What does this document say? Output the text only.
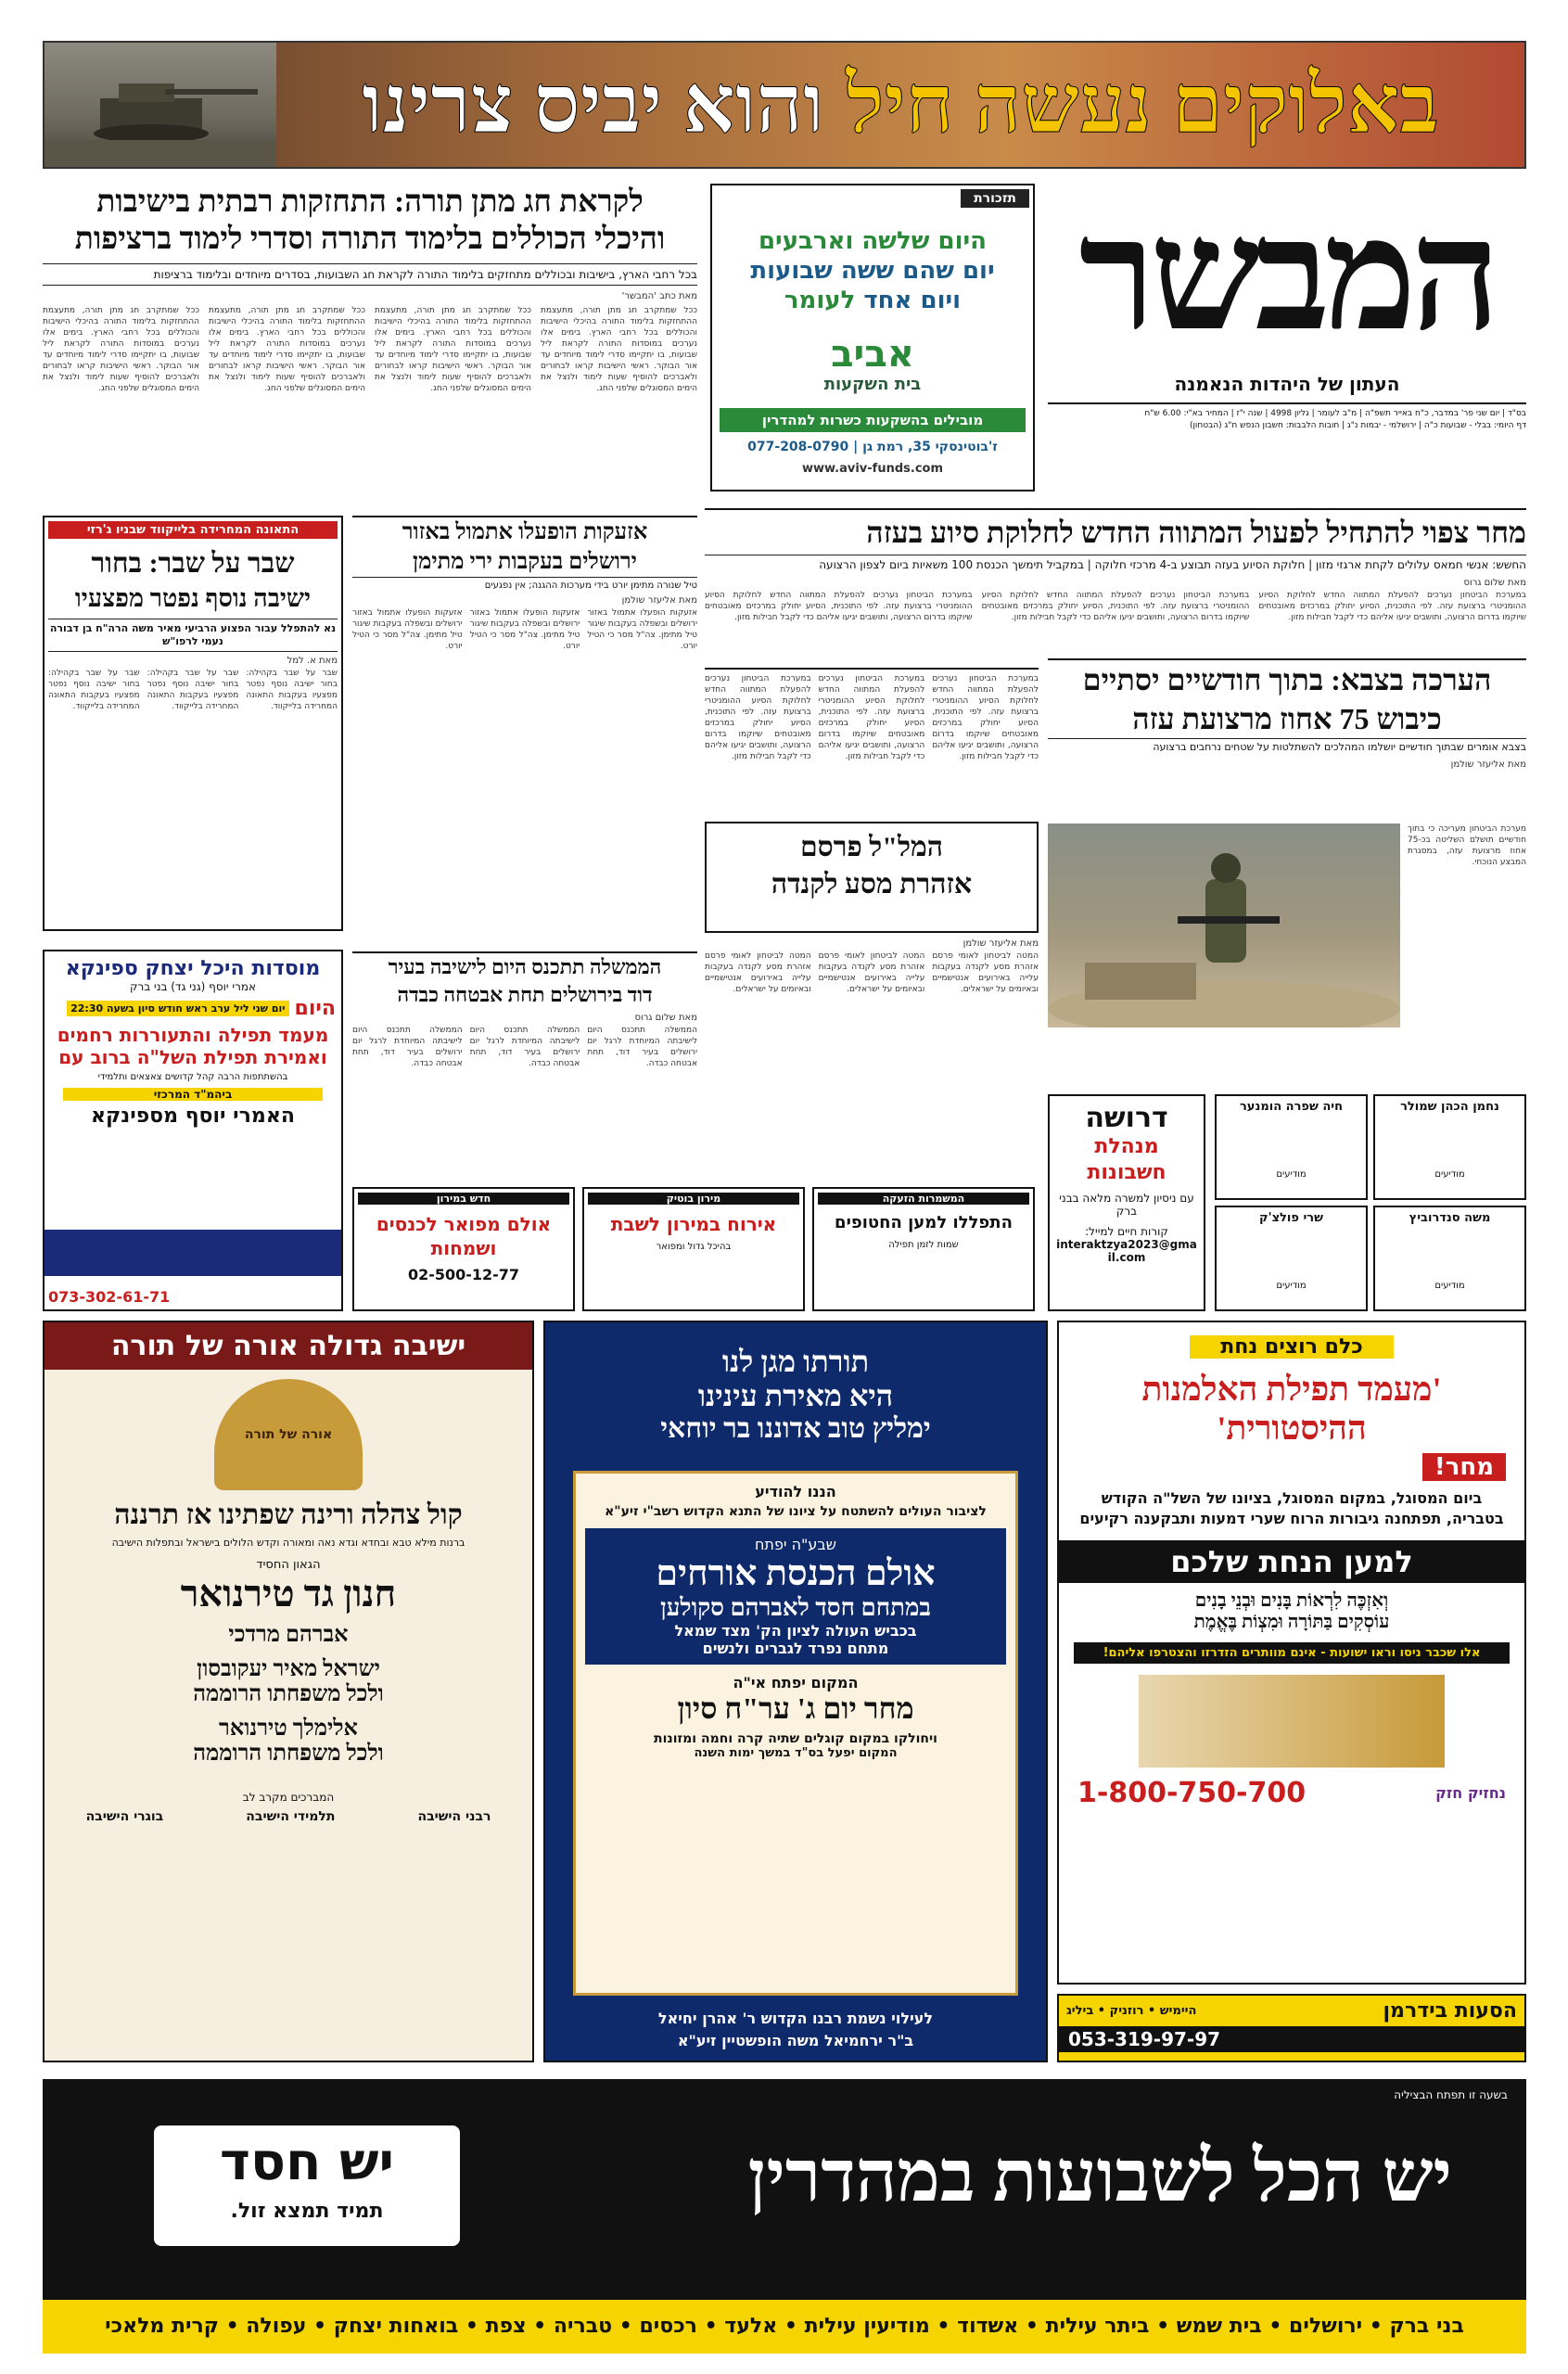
באלוקים נעשה חיל
והוא יביס צרינו
המבשר
העתון של היהדות הנאמנה
בס"ד | יום שני פר' במדבר, כ"ח באייר תשפ"ה | מ"ב לעומר | גליון 4998 | שנה י"ז | המחיר בא"י: 6.00 ש"ח
דף היומי: בבלי - שבועות כ"ה | ירושלמי - יבמות נ"ג | חובות הלבבות: חשבון הנפש ח"ג (הבטחון)
תזכורת
היום שלשה וארבעים
יום שהם ששה שבועות
ויום אחד לעומר
אביב
בית השקעות
מובילים בהשקעות כשרות למהדרין
ז'בוטינסקי 35, רמת גן | 077-208-0790
www.aviv-funds.com
לקראת חג מתן תורה: התחזקות רבתית בישיבות
והיכלי הכוללים בלימוד התורה וסדרי לימוד ברציפות
בכל רחבי הארץ, בישיבות ובכוללים מתחזקים בלימוד התורה לקראת חג השבועות, בסדרים מיוחדים ובלימוד ברציפות
מאת כתב 'המבשר'
ככל שמתקרב חג מתן תורה, מתעצמת ההתחזקות בלימוד התורה בהיכלי הישיבות והכוללים בכל רחבי הארץ. בימים אלו נערכים במוסדות התורה לקראת ליל שבועות, בו יתקיימו סדרי לימוד מיוחדים עד אור הבוקר. ראשי הישיבות קראו לבחורים ולאברכים להוסיף שעות לימוד ולנצל את הימים המסוגלים שלפני החג.
ככל שמתקרב חג מתן תורה, מתעצמת ההתחזקות בלימוד התורה בהיכלי הישיבות והכוללים בכל רחבי הארץ. בימים אלו נערכים במוסדות התורה לקראת ליל שבועות, בו יתקיימו סדרי לימוד מיוחדים עד אור הבוקר. ראשי הישיבות קראו לבחורים ולאברכים להוסיף שעות לימוד ולנצל את הימים המסוגלים שלפני החג.
ככל שמתקרב חג מתן תורה, מתעצמת ההתחזקות בלימוד התורה בהיכלי הישיבות והכוללים בכל רחבי הארץ. בימים אלו נערכים במוסדות התורה לקראת ליל שבועות, בו יתקיימו סדרי לימוד מיוחדים עד אור הבוקר. ראשי הישיבות קראו לבחורים ולאברכים להוסיף שעות לימוד ולנצל את הימים המסוגלים שלפני החג.
ככל שמתקרב חג מתן תורה, מתעצמת ההתחזקות בלימוד התורה בהיכלי הישיבות והכוללים בכל רחבי הארץ. בימים אלו נערכים במוסדות התורה לקראת ליל שבועות, בו יתקיימו סדרי לימוד מיוחדים עד אור הבוקר. ראשי הישיבות קראו לבחורים ולאברכים להוסיף שעות לימוד ולנצל את הימים המסוגלים שלפני החג.
מחר צפוי להתחיל לפעול המתווה החדש לחלוקת סיוע בעזה
החשש: אנשי חמאס עלולים לקחת ארגזי מזון | חלוקת הסיוע בעזה תבוצע ב-4 מרכזי חלוקה | במקביל תימשך הכנסת 100 משאיות ביום לצפון הרצועה
מאת שלום גרוס
במערכת הביטחון נערכים להפעלת המתווה החדש לחלוקת הסיוע ההומניטרי ברצועת עזה. לפי התוכנית, הסיוע יחולק במרכזים מאובטחים שיוקמו בדרום הרצועה, ותושבים יגיעו אליהם כדי לקבל חבילות מזון.
במערכת הביטחון נערכים להפעלת המתווה החדש לחלוקת הסיוע ההומניטרי ברצועת עזה. לפי התוכנית, הסיוע יחולק במרכזים מאובטחים שיוקמו בדרום הרצועה, ותושבים יגיעו אליהם כדי לקבל חבילות מזון.
במערכת הביטחון נערכים להפעלת המתווה החדש לחלוקת הסיוע ההומניטרי ברצועת עזה. לפי התוכנית, הסיוע יחולק במרכזים מאובטחים שיוקמו בדרום הרצועה, ותושבים יגיעו אליהם כדי לקבל חבילות מזון.
הערכה בצבא: בתוך חודשיים יסתיים
כיבוש 75 אחוז מרצועת עזה
בצבא אומרים שבתוך חודשיים יושלמו המהלכים להשתלטות על שטחים נרחבים ברצועה
מאת אליעזר שולמן
מערכת הביטחון מעריכה כי בתוך חודשיים תושלם השליטה בכ-75 אחוז מרצועת עזה, במסגרת המבצע הנוכחי.
אזעקות הופעלו אתמול באזור
ירושלים בעקבות ירי מתימן
טיל שנורה מתימן יורט בידי מערכות ההגנה; אין נפגעים
מאת אליעזר שולמן
אזעקות הופעלו אתמול באזור ירושלים ובשפלה בעקבות שיגור טיל מתימן. צה"ל מסר כי הטיל יורט.
אזעקות הופעלו אתמול באזור ירושלים ובשפלה בעקבות שיגור טיל מתימן. צה"ל מסר כי הטיל יורט.
אזעקות הופעלו אתמול באזור ירושלים ובשפלה בעקבות שיגור טיל מתימן. צה"ל מסר כי הטיל יורט.
הממשלה תתכנס היום לישיבה בעיר
דוד בירושלים תחת אבטחה כבדה
מאת שלום גרוס
הממשלה תתכנס היום לישיבתה המיוחדת לרגל יום ירושלים בעיר דוד, תחת אבטחה כבדה.
הממשלה תתכנס היום לישיבתה המיוחדת לרגל יום ירושלים בעיר דוד, תחת אבטחה כבדה.
הממשלה תתכנס היום לישיבתה המיוחדת לרגל יום ירושלים בעיר דוד, תחת אבטחה כבדה.
במערכת הביטחון נערכים להפעלת המתווה החדש לחלוקת הסיוע ההומניטרי ברצועת עזה. לפי התוכנית, הסיוע יחולק במרכזים מאובטחים שיוקמו בדרום הרצועה, ותושבים יגיעו אליהם כדי לקבל חבילות מזון.
במערכת הביטחון נערכים להפעלת המתווה החדש לחלוקת הסיוע ההומניטרי ברצועת עזה. לפי התוכנית, הסיוע יחולק במרכזים מאובטחים שיוקמו בדרום הרצועה, ותושבים יגיעו אליהם כדי לקבל חבילות מזון.
במערכת הביטחון נערכים להפעלת המתווה החדש לחלוקת הסיוע ההומניטרי ברצועת עזה. לפי התוכנית, הסיוע יחולק במרכזים מאובטחים שיוקמו בדרום הרצועה, ותושבים יגיעו אליהם כדי לקבל חבילות מזון.
המל"ל פרסם
אזהרת מסע לקנדה
מאת אליעזר שולמן
המטה לביטחון לאומי פרסם אזהרת מסע לקנדה בעקבות עלייה באירועים אנטישמיים ובאיומים על ישראלים.
המטה לביטחון לאומי פרסם אזהרת מסע לקנדה בעקבות עלייה באירועים אנטישמיים ובאיומים על ישראלים.
המטה לביטחון לאומי פרסם אזהרת מסע לקנדה בעקבות עלייה באירועים אנטישמיים ובאיומים על ישראלים.
התאונה המחרידה בלייקווד שבניו ג'רזי
שבר על שבר: בחור
ישיבה נוסף נפטר מפצעיו
נא להתפלל עבור הפצוע הרביעי מאיר משה הרה"ח בן דבורה נעמי לרפו"ש
מאת א. למל
שבר על שבר בקהילה: בחור ישיבה נוסף נפטר מפצעיו בעקבות התאונה המחרידה בלייקווד.
שבר על שבר בקהילה: בחור ישיבה נוסף נפטר מפצעיו בעקבות התאונה המחרידה בלייקווד.
שבר על שבר בקהילה: בחור ישיבה נוסף נפטר מפצעיו בעקבות התאונה המחרידה בלייקווד.
מוסדות היכל יצחק ספינקא
אמרי יוסף (גני גד) בני ברק
היום
יום שני ליל ערב ראש חודש סיון בשעה 22:30
מעמד תפילה והתעוררות רחמים
ואמירת תפילת השל"ה ברוב עם
בהשתתפות הרבה קהל קדושים צאצאים ותלמידי
ביהמ"ד המרכזי
האמרי יוסף מספינקא
073-302-61-71
המשמרות הזעקה
התפללו למען החטופים
שמות לזמן תפילה
מירון בוטיק
אירוח במירון לשבת
בהיכל גדול ומפואר
חדש במירון
אולם מפואר לכנסים ושמחות
02-500-12-77
דרושה
מנהלת חשבונות
עם ניסיון למשרה מלאה בבני ברק
קורות חיים למייל:
interaktzya2023@gmail.com
נחמן הכהן שמולר
מודיעים
חיה שפרה הומנער
מודיעים
משה סנדרוביץ
מודיעים
שרי פולצ'ק
מודיעים
ישיבה גדולה אורה של תורה
אורה של תורה
קול צהלה ורינה שפתינו אז תרננה
ברנות מילא טבא ובחדא וגדא נאה ומאורה וקדש הלולים בישראל ובתפלות הישיבה
הגאון החסיד
חנון גד טירנואר
אברהם מרדכי
ישראל מאיר יעקובסון
ולכל משפחתו הרוממה
אלימלך טירנואר
ולכל משפחתו הרוממה
המברכים מקרב לב
רבני הישיבה
תלמידי הישיבה
בוגרי הישיבה
תורתו מגן לנו
היא מאירת עינינו
ימליץ טוב אדוננו בר יוחאי
הננו להודיע
לציבור העולים להשתטח על ציונו של התנא הקדוש רשב"י זיע"א
שבע"ה יפתח
אולם הכנסת אורחים
במתחם חסד לאברהם סקולען
בכביש העולה לציון הק' מצד שמאל
מתחם נפרד לגברים ולנשים
המקום יפתח אי"ה
מחר יום ג' ער"ח סיון
ויחולקו במקום קוגלים שתיה קרה וחמה ומזונות
המקום יפעל בס"ד במשך ימות השנה
לעילוי נשמת רבנו הקדוש ר' אהרן יחיאל
ב"ר ירחמיאל משה הופשטיין זיע"א
כלם רוצים נחת
'מעמד תפילת האלמנות
ההיסטורית'
מחר!
ביום המסוגל, במקום המסוגל, בציונו של השל"ה הקודש בטבריה, תפתחנה גיבורות הרוח שערי דמעות ותבקענה רקיעים
למען הנחת שלכם
וְאִזְכֶּה לִרְאוֹת בָּנִים וּבְנֵי בָנִים
עוֹסְקִים בַּתּוֹרָה וּמִצְוֹת בֶּאֱמֶת
אלו שכבר ניסו וראו ישועות - אינם מוותרים הזדרזו והצטרפו אליהם!
נחזיק חזק
1-800-750-700
הסעות בידרמן
היימיש • רוזניק • ביליג
053-319-97-97
בשעה זו תפתח הבציליה
יש הכל לשבועות במהדרין
יש חסד
תמיד תמצא זול.
בני ברק • ירושלים • בית שמש • ביתר עילית • אשדוד • מודיעין עילית • אלעד • רכסים • טבריה • צפת • בואחות יצחק • עפולה • קרית מלאכי
